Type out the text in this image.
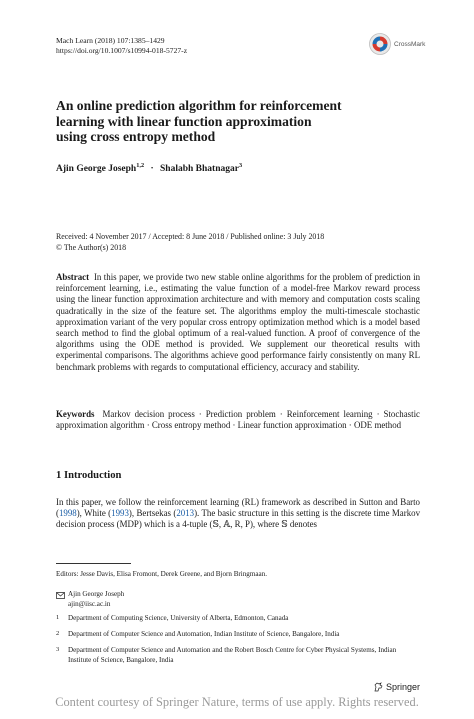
Mach Learn (2018) 107:1385–1429
https://doi.org/10.1007/s10994-018-5727-z
CrossMark
An online prediction algorithm for reinforcement
learning with linear function approximation
using cross entropy method
Ajin George Joseph$^{1,2}$ · Shalabh Bhatnagar$^3$
Received: 4 November 2017 / Accepted: 8 June 2018 / Published online: 3 July 2018
© The Author(s) 2018
Abstract In this paper, we provide two new stable online algorithms for the problem of prediction in reinforcement learning, i.e., estimating the value function of a model-free Markov reward process using the linear function approximation architecture and with memory and computation costs scaling quadratically in the size of the feature set. The algorithms employ the multi-timescale stochastic approximation variant of the very popular cross entropy optimization method which is a model based search method to find the global optimum of a real-valued function. A proof of convergence of the algorithms using the ODE method is provided. We supplement our theoretical results with experimental comparisons. The algorithms achieve good performance fairly consistently on many RL benchmark problems with regards to computational efficiency, accuracy and stability.
Keywords Markov decision process · Prediction problem · Reinforcement learning · Stochastic approximation algorithm · Cross entropy method · Linear function approximation · ODE method
1 Introduction
In this paper, we follow the reinforcement learning (RL) framework as described in Sutton and Barto (1998), White (1993), Bertsekas (2013). The basic structure in this setting is the discrete time Markov decision process (MDP) which is a 4-tuple (𝕊, 𝔸, R, P), where 𝕊 denotes
Editors: Jesse Davis, Elisa Fromont, Derek Greene, and Bjorn Bringmaan.
Ajin George Joseph
ajin@iisc.ac.in
1 Department of Computing Science, University of Alberta, Edmonton, Canada
2 Department of Computer Science and Automation, Indian Institute of Science, Bangalore, India
3 Department of Computer Science and Automation and the Robert Bosch Centre for Cyber Physical Systems, Indian Institute of Science, Bangalore, India
Springer
Content courtesy of Springer Nature, terms of use apply. Rights reserved.
